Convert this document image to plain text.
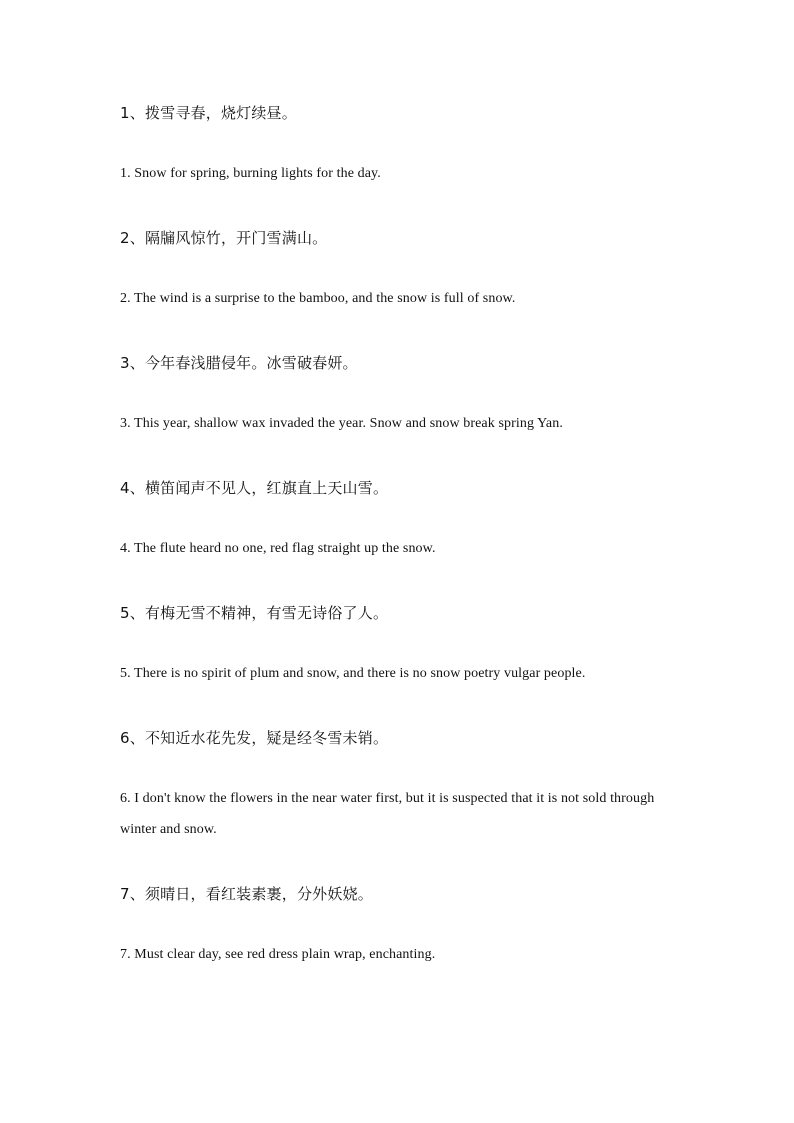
1、拨雪寻春，烧灯续昼。
1. Snow for spring, burning lights for the day.
2、隔牖风惊竹，开门雪满山。
2. The wind is a surprise to the bamboo, and the snow is full of snow.
3、今年春浅腊侵年。冰雪破春妍。
3. This year, shallow wax invaded the year. Snow and snow break spring Yan.
4、横笛闻声不见人，红旗直上天山雪。
4. The flute heard no one, red flag straight up the snow.
5、有梅无雪不精神，有雪无诗俗了人。
5. There is no spirit of plum and snow, and there is no snow poetry vulgar people.
6、不知近水花先发，疑是经冬雪未销。
6. I don't know the flowers in the near water first, but it is suspected that it is not sold through winter and snow.
7、须晴日，看红装素裹，分外妖娆。
7. Must clear day, see red dress plain wrap, enchanting.
